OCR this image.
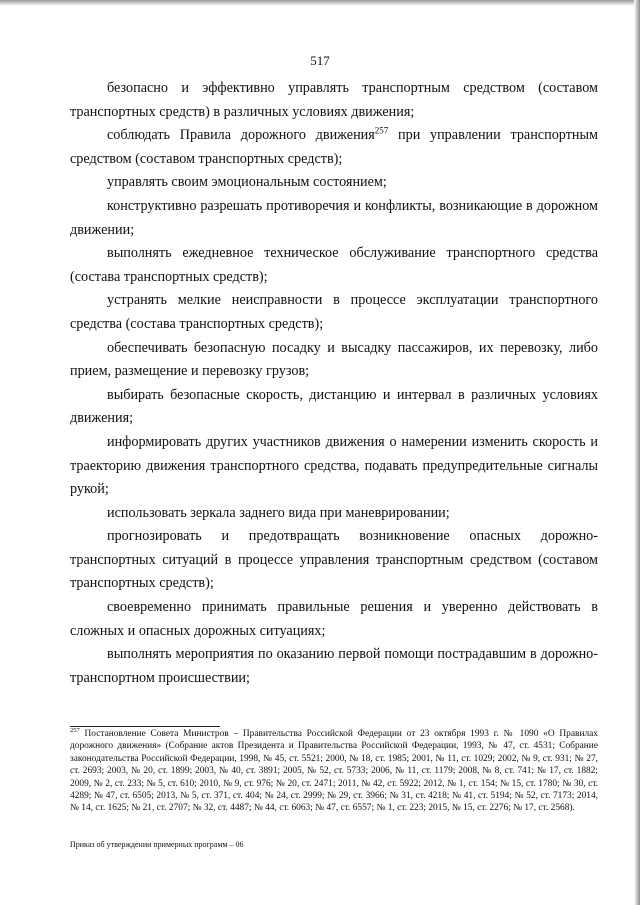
517

безопасно и эффективно управлять транспортным средством (составом транспортных средств) в различных условиях движения;

соблюдать Правила дорожного движения$^{257}$ при управлении транспортным средством (составом транспортных средств);

управлять своим эмоциональным состоянием;

конструктивно разрешать противоречия и конфликты, возникающие в дорожном движении;

выполнять ежедневное техническое обслуживание транспортного средства (состава транспортных средств);

устранять мелкие неисправности в процессе эксплуатации транспортного средства (состава транспортных средств);

обеспечивать безопасную посадку и высадку пассажиров, их перевозку, либо прием, размещение и перевозку грузов;

выбирать безопасные скорость, дистанцию и интервал в различных условиях движения;

информировать других участников движения о намерении изменить скорость и траекторию движения транспортного средства, подавать предупредительные сигналы рукой;

использовать зеркала заднего вида при маневрировании;

прогнозировать и предотвращать возникновение опасных дорожно-транспортных ситуаций в процессе управления транспортным средством (составом транспортных средств);

своевременно принимать правильные решения и уверенно действовать в сложных и опасных дорожных ситуациях;

выполнять мероприятия по оказанию первой помощи пострадавшим в дорожно-транспортном происшествии;

$^{257}$ Постановление Совета Министров – Правительства Российской Федерации от 23 октября 1993 г. № 1090 «О Правилах дорожного движения» (Собрание актов Президента и Правительства Российской Федерации, 1993, № 47, ст. 4531; Собрание законодательства Российской Федерации, 1998, № 45, ст. 5521; 2000, № 18, ст. 1985; 2001, № 11, ст. 1029; 2002, № 9, ст. 931; № 27, ст. 2693; 2003, № 20, ст. 1899; 2003, № 40, ст. 3891; 2005, № 52, ст. 5733; 2006, № 11, ст. 1179; 2008, № 8, ст. 741; № 17, ст. 1882; 2009, № 2, ст. 233; № 5, ст. 610; 2010, № 9, ст. 976; № 20, ст. 2471; 2011, № 42, ст. 5922; 2012, № 1, ст. 154; № 15, ст. 1780; № 30, ст. 4289; № 47, ст. 6505; 2013, № 5, ст. 371, ст. 404; № 24, ст. 2999; № 29, ст. 3966; № 31, ст. 4218; № 41, ст. 5194; № 52, ст. 7173; 2014, № 14, ст. 1625; № 21, ст. 2707; № 32, ст. 4487; № 44, ст. 6063; № 47, ст. 6557; № 1, ст. 223; 2015, № 15, ст. 2276; № 17, ст. 2568).

Приказ об утверждении примерных программ – 06
